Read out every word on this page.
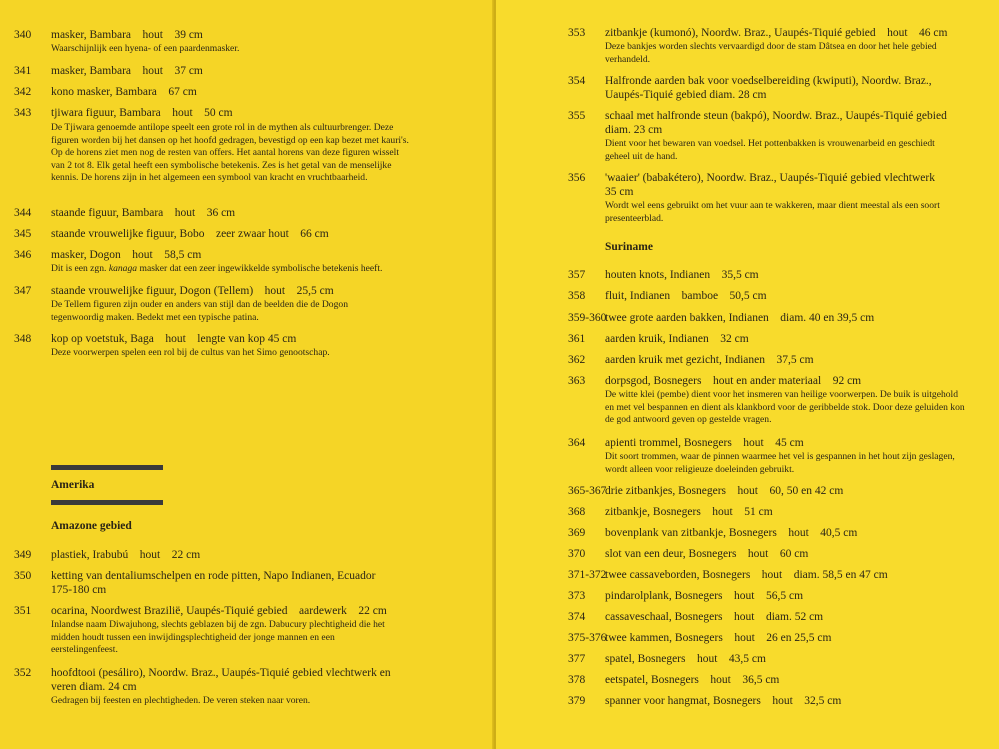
340 masker, Bambara    hout    39 cm
Waarschijnlijk een hyena- of een paardenmasker.
341 masker, Bambara    hout    37 cm
342 kono masker, Bambara    67 cm
343 tjiwara figuur, Bambara    hout    50 cm
De Tjiwara genoemde antilope speelt een grote rol in de mythen als cultuurbrenger. Deze figuren worden bij het dansen op het hoofd gedragen, bevestigd op een kap bezet met kauri's. Op de horens ziet men nog de resten van offers. Het aantal horens van deze figuren wisselt van 2 tot 8. Elk getal heeft een symbolische betekenis. Zes is het getal van de menselijke kennis. De horens zijn in het algemeen een symbool van kracht en vruchtbaarheid.
344 staande figuur, Bambara    hout    36 cm
345 staande vrouwelijke figuur, Bobo    zeer zwaar hout    66 cm
346 masker, Dogon    hout    58,5 cm
Dit is een zgn. kanaga masker dat een zeer ingewikkelde symbolische betekenis heeft.
347 staande vrouwelijke figuur, Dogon (Tellem)    hout    25,5 cm
De Tellem figuren zijn ouder en anders van stijl dan de beelden die de Dogon tegenwoordig maken. Bedekt met een typische patina.
348 kop op voetstuk, Baga    hout    lengte van kop 45 cm
Deze voorwerpen spelen een rol bij de cultus van het Simo genootschap.
Amerika
Amazone gebied
349 plastiek, Irabubú    hout    22 cm
350 ketting van dentaliumschelpen en rode pitten, Napo Indianen, Ecuador 175-180 cm
351 ocarina, Noordwest Brazilië, Uaupés-Tiquié gebied    aardewerk    22 cm
Inlandse naam Diwajuhong, slechts geblazen bij de zgn. Dabucury plechtigheid die het midden houdt tussen een inwijdingsplechtigheid der jonge mannen en een eerstelingenfeest.
352 hoofdtooi (pesáliro), Noordw. Braz., Uaupés-Tiquié gebied vlechtwerk en veren diam. 24 cm
Gedragen bij feesten en plechtigheden. De veren steken naar voren.
353 zitbankje (kumonó), Noordw. Braz., Uaupés-Tiquié gebied    hout    46 cm
Deze bankjes worden slechts vervaardigd door de stam Dâtsea en door het hele gebied verhandeld.
354 Halfronde aarden bak voor voedselbereiding (kwiputi), Noordw. Braz., Uaupés-Tiquié gebied diam. 28 cm
355 schaal met halfronde steun (bakpó), Noordw. Braz., Uaupés-Tiquié gebied diam. 23 cm
Dient voor het bewaren van voedsel. Het pottenbakken is vrouwenarbeid en geschiedt geheel uit de hand.
356 'waaier' (babakétero), Noordw. Braz., Uaupés-Tiquié gebied vlechtwerk 35 cm
Wordt wel eens gebruikt om het vuur aan te wakkeren, maar dient meestal als een soort presenteerblad.
Suriname
357 houten knots, Indianen    35,5 cm
358 fluit, Indianen    bamboe    50,5 cm
359-360
twee grote aarden bakken, Indianen    diam. 40 en 39,5 cm
361 aarden kruik, Indianen    32 cm
362 aarden kruik met gezicht, Indianen    37,5 cm
363 dorpsgod, Bosnegers    hout en ander materiaal    92 cm
De witte klei (pembe) dient voor het insmeren van heilige voorwerpen. De buik is uitgehold en met vel bespannen en dient als klankbord voor de geribbelde stok. Door deze geluiden kon de god antwoord geven op gestelde vragen.
364 apienti trommel, Bosnegers    hout    45 cm
Dit soort trommen, waar de pinnen waarmee het vel is gespannen in het hout zijn geslagen, wordt alleen voor religieuze doeleinden gebruikt.
365-367
drie zitbankjes, Bosnegers    hout    60, 50 en 42 cm
368 zitbankje, Bosnegers    hout    51 cm
369 bovenplank van zitbankje, Bosnegers    hout    40,5 cm
370 slot van een deur, Bosnegers    hout    60 cm
371-372
twee cassaveborden, Bosnegers    hout    diam. 58,5 en 47 cm
373 pindarolplank, Bosnegers    hout    56,5 cm
374 cassaveschaal, Bosnegers    hout    diam. 52 cm
375-376
twee kammen, Bosnegers    hout    26 en 25,5 cm
377 spatel, Bosnegers    hout    43,5 cm
378 eetspatel, Bosnegers    hout    36,5 cm
379 spanner voor hangmat, Bosnegers    hout    32,5 cm
